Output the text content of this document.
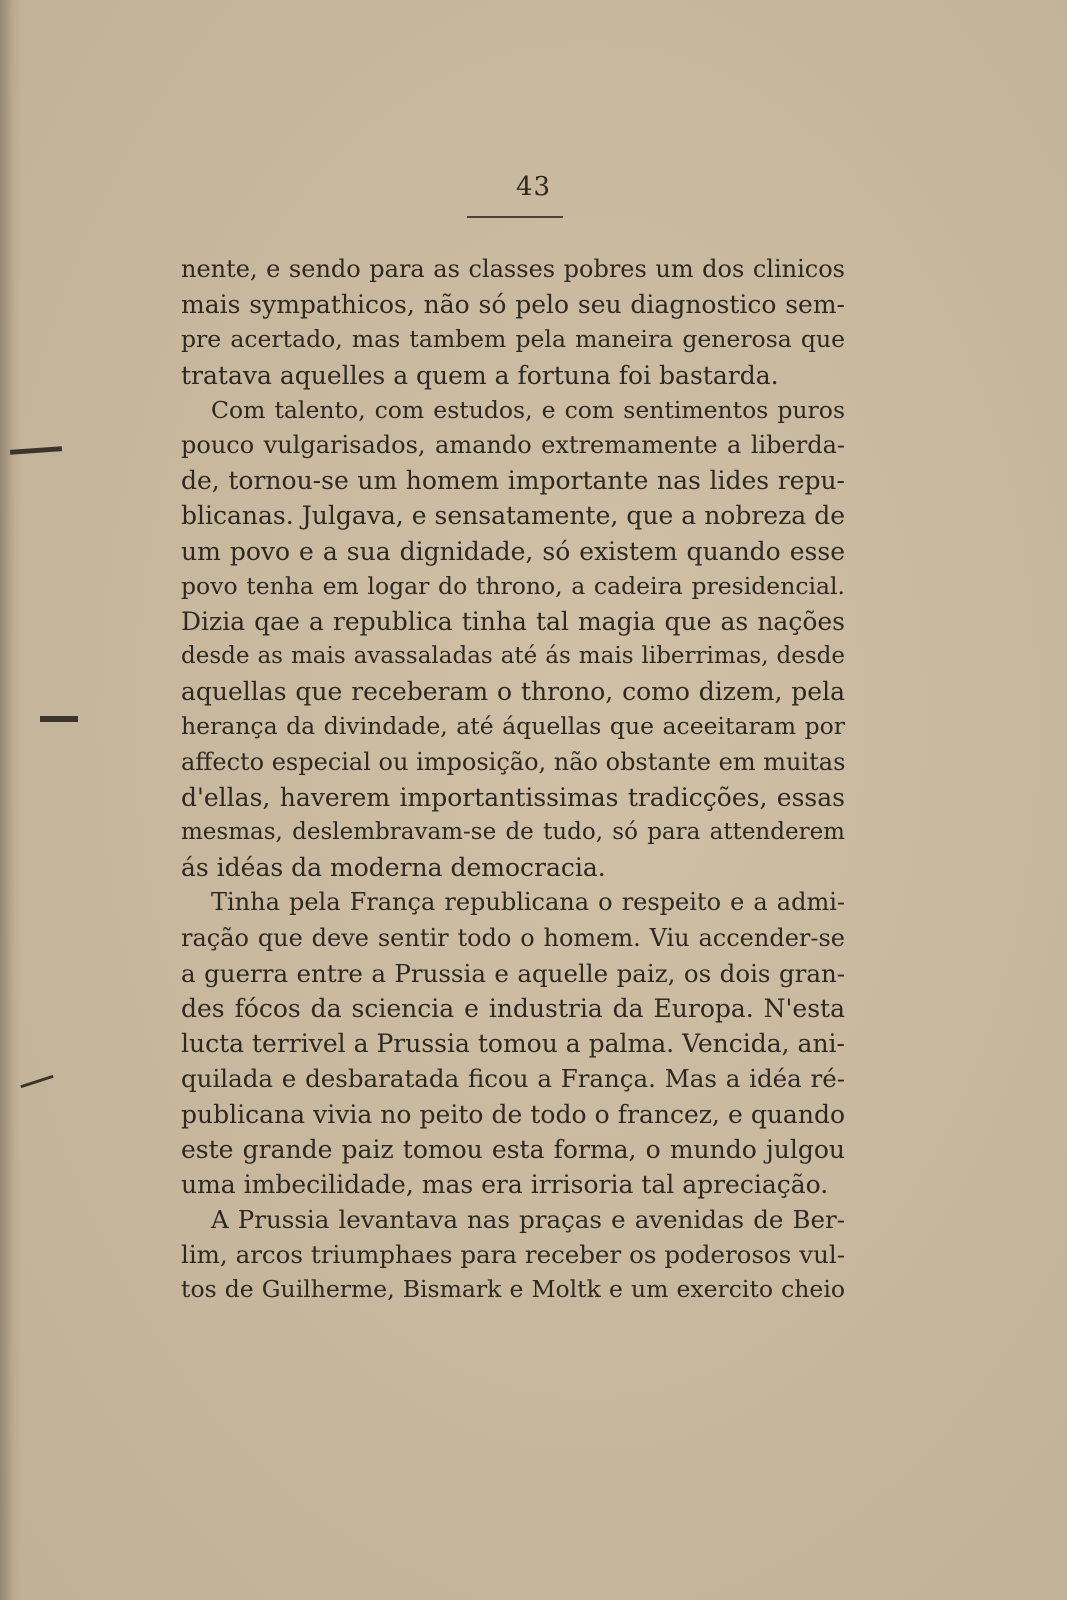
43
nente, e sendo para as classes pobres um dos clinicos
mais sympathicos, não só pelo seu diagnostico sem-
pre acertado, mas tambem pela maneira generosa que
tratava aquelles a quem a fortuna foi bastarda.
Com talento, com estudos, e com sentimentos puros
pouco vulgarisados, amando extremamente a liberda-
de, tornou-se um homem importante nas lides repu-
blicanas. Julgava, e sensatamente, que a nobreza de
um povo e a sua dignidade, só existem quando esse
povo tenha em logar do throno, a cadeira presidencial.
Dizia qae a republica tinha tal magia que as nações
desde as mais avassaladas até ás mais liberrimas, desde
aquellas que receberam o throno, como dizem, pela
herança da divindade, até áquellas que aceeitaram por
affecto especial ou imposição, não obstante em muitas
d'ellas, haverem importantissimas tradicções, essas
mesmas, deslembravam-se de tudo, só para attenderem
ás idéas da moderna democracia.
Tinha pela França republicana o respeito e a admi-
ração que deve sentir todo o homem. Viu accender-se
a guerra entre a Prussia e aquelle paiz, os dois gran-
des fócos da sciencia e industria da Europa. N'esta
lucta terrivel a Prussia tomou a palma. Vencida, ani-
quilada e desbaratada ficou a França. Mas a idéa ré-
publicana vivia no peito de todo o francez, e quando
este grande paiz tomou esta forma, o mundo julgou
uma imbecilidade, mas era irrisoria tal apreciação.
A Prussia levantava nas praças e avenidas de Ber-
lim, arcos triumphaes para receber os poderosos vul-
tos de Guilherme, Bismark e Moltk e um exercito cheio
